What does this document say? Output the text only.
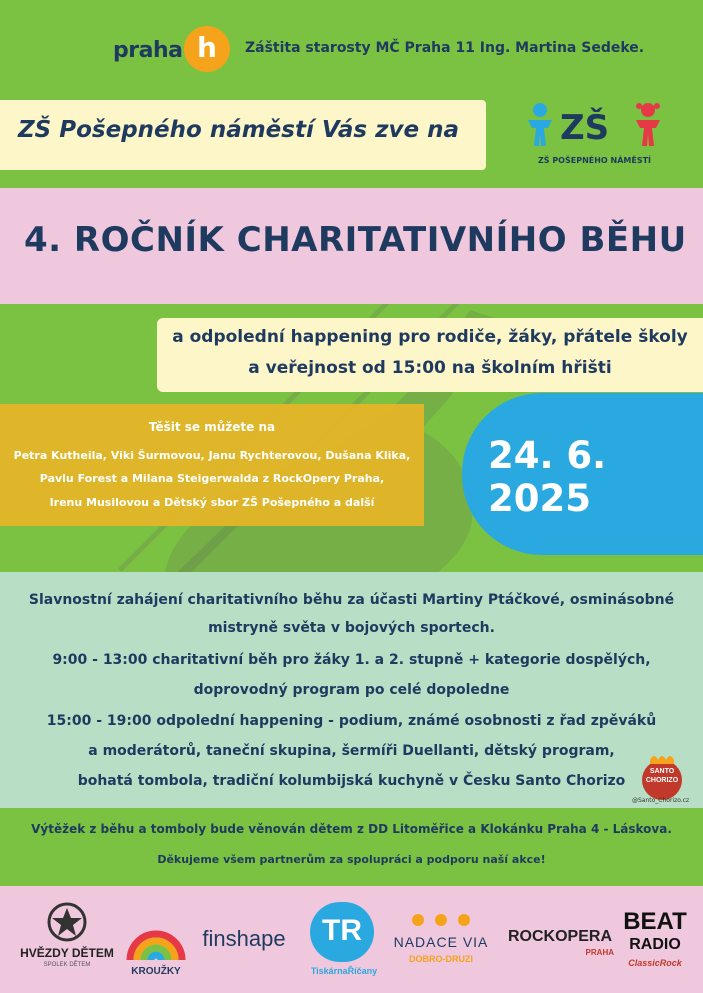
praha h	Záštita starosty MČ Praha 11 Ing. Martina Sedeke.
ZŠ Pošepného náměstí Vás zve na	ZŠ
ZŠ POŠEPNÉHO NÁMĚSTÍ
4. ROČNÍK CHARITATIVNÍHO BĚHU
a odpolední happening pro rodiče, žáky, přátele školy
a veřejnost od 15:00 na školním hřišti
Těšit se můžete na
Petra Kutheila, Viki Šurmovou, Janu Rychterovou, Dušana Klika,
Pavlu Forest a Milana Steigerwalda z RockOpery Praha,
Irenu Musilovou a Dětský sbor ZŠ Pošepného a další
24. 6. 2025
Slavnostní zahájení charitativního běhu za účasti Martiny Ptáčkové, osminásobné
mistryně světa v bojových sportech.
9:00 - 13:00 charitativní běh pro žáky 1. a 2. stupně + kategorie dospělých,
doprovodný program po celé dopoledne
15:00 - 19:00 odpolední happening - podium, známé osobnosti z řad zpěváků
a moderátorů, taneční skupina, šermíři Duellanti, dětský program,
bohatá tombola, tradiční kolumbijská kuchyně v Česku Santo Chorizo
SANTO
CHORIZO
@Santo_Chorizo.cz
Výtěžek z běhu a tomboly bude věnován dětem z DD Litoměřice a Klokánku Praha 4 - Láskova.
Děkujeme všem partnerům za spolupráci a podporu naší akce!
HVĚZDY DĚTEM
SPOLEK DĚTEM
KROUŽKY
finshape	TR
TiskárnaŘíčany
NADACE VIA
DOBRO-DRUZI
ROCKOPERA
PRAHA
BEAT
RADIO
ClassicRock
